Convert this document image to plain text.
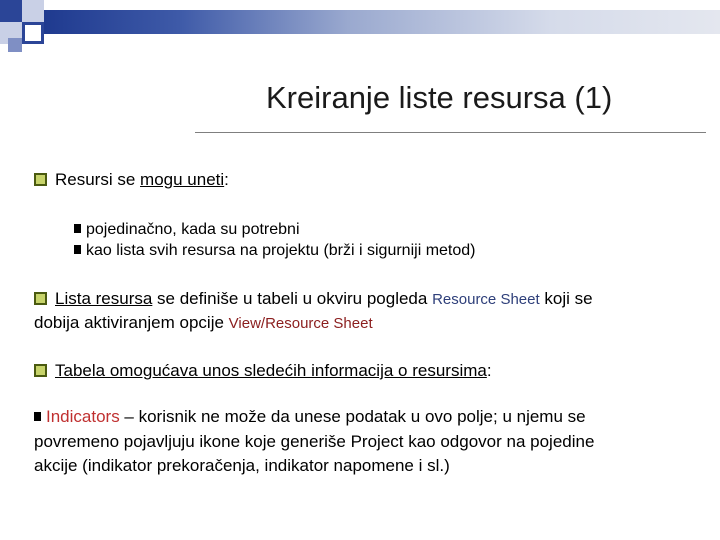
Kreiranje liste resursa (1)
Resursi se mogu uneti:
pojedinačno, kada su potrebni
kao lista svih resursa na projektu (brži i sigurniji metod)
Lista resursa se definiše u tabeli u okviru pogleda Resource Sheet koji se
dobija aktiviranjem opcije View/Resource Sheet
Tabela omogućava unos sledećih informacija o resursima:
Indicators – korisnik ne može da unese podatak u ovo polje; u njemu se
povremeno pojavljuju ikone koje generiše Project kao odgovor na pojedine
akcije (indikator prekoračenja, indikator napomene i sl.)
